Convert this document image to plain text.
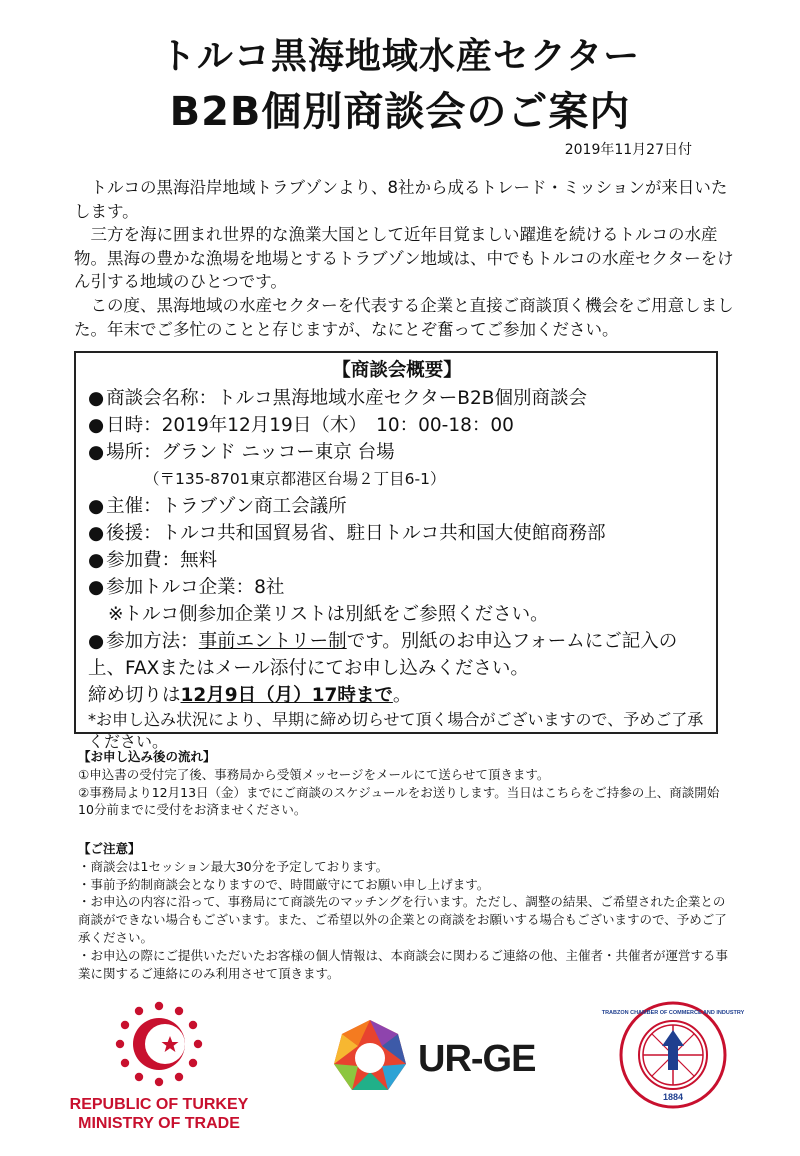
トルコ黒海地域水産セクター
B2B個別商談会のご案内
2019年11月27日付

トルコの黒海沿岸地域トラブゾンより、8社から成るトレード・ミッションが来日いたします。

三方を海に囲まれ世界的な漁業大国として近年目覚ましい躍進を続けるトルコの水産物。黒海の豊かな漁場を地場とするトラブゾン地域は、中でもトルコの水産セクターをけん引する地域のひとつです。

この度、黒海地域の水産セクターを代表する企業と直接ご商談頂く機会をご用意しました。年末でご多忙のことと存じますが、なにとぞ奮ってご参加ください。

【商談会概要】
● 商談会名称：トルコ黒海地域水産セクターB2B個別商談会
● 日時：2019年12月19日（木）　10：00-18：00
● 場所：グランド ニッコー東京 台場
（〒135-8701東京都港区台場２丁目6-1）
● 主催：トラブゾン商工会議所
● 後援：トルコ共和国貿易省、駐日トルコ共和国大使館商務部
● 参加費：無料
● 参加トルコ企業：8社
※トルコ側参加企業リストは別紙をご参照ください。
● 参加方法：事前エントリー制です。別紙のお申込フォームにご記入の上、FAXまたはメール添付にてお申し込みください。
締め切りは12月9日（月）17時まで。
*お申し込み状況により、早期に締め切らせて頂く場合がございますので、予めご了承ください。
【お申し込み後の流れ】
①申込書の受付完了後、事務局から受領メッセージをメールにて送らせて頂きます。
②事務局より12月13日（金）までにご商談のスケジュールをお送りします。当日はこちらをご持参の上、商談開始10分前までに受付をお済ませください。
【ご注意】
・商談会は1セッション最大30分を予定しております。
・事前予約制商談会となりますので、時間厳守にてお願い申し上げます。
・お申込の内容に沿って、事務局にて商談先のマッチングを行います。ただし、調整の結果、ご希望された企業との商談ができない場合もございます。また、ご希望以外の企業との商談をお願いする場合もございますので、予めご了承ください。
・お申込の際にご提供いただいたお客様の個人情報は、本商談会に関わるご連絡の他、主催者・共催者が運営する事業に関するご連絡にのみ利用させて頂きます。
REPUBLIC OF TURKEY
MINISTRY OF TRADE
UR-GE
1884
TRABZON CHAMBER OF COMMERCE AND INDUSTRY
